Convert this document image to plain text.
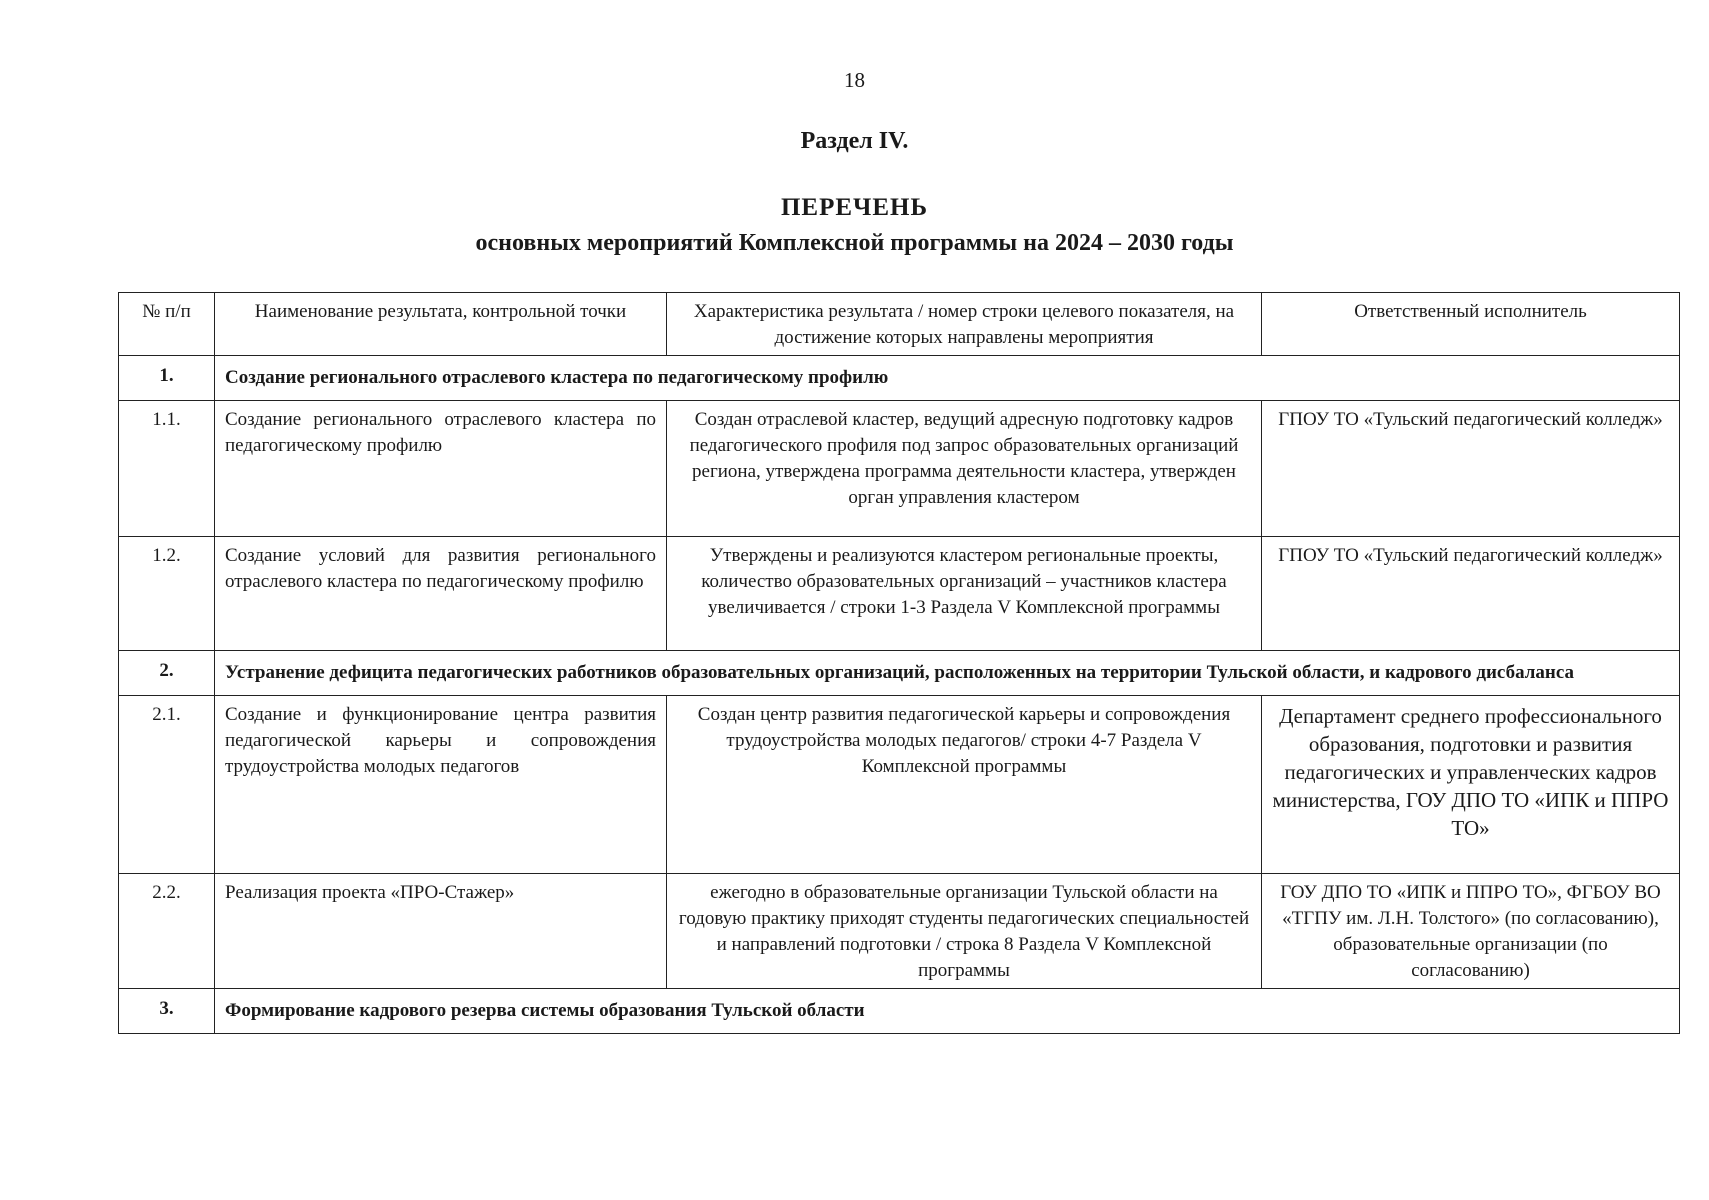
18
Раздел IV.
ПЕРЕЧЕНЬ
основных мероприятий Комплексной программы на 2024 – 2030 годы
№ п/п	Наименование результата, контрольной точки	Характеристика результата / номер строки целевого показателя, на достижение которых направлены мероприятия	Ответственный исполнитель
1.	Создание регионального отраслевого кластера по педагогическому профилю		
1.1.	Создание регионального отраслевого кластера по педагогическому профилю	Создан отраслевой кластер, ведущий адресную подготовку кадров педагогического профиля под запрос образовательных организаций региона, утверждена программа деятельности кластера, утвержден орган управления кластером	ГПОУ ТО «Тульский педагогический колледж»
1.2.	Создание условий для развития регионального отраслевого кластера по педагогическому профилю	Утверждены и реализуются кластером региональные проекты, количество образовательных организаций – участников кластера увеличивается / строки 1-3 Раздела V Комплексной программы	ГПОУ ТО «Тульский педагогический колледж»
2.	Устранение дефицита педагогических работников образовательных организаций, расположенных на территории Тульской области, и кадрового дисбаланса		
2.1.	Создание и функционирование центра развития педагогической карьеры и сопровождения трудоустройства молодых педагогов	Создан центр развития педагогической карьеры и сопровождения трудоустройства молодых педагогов/ строки 4-7 Раздела V Комплексной программы	Департамент среднего профессионального образования, подготовки и развития педагогических и управленческих кадров министерства, ГОУ ДПО ТО «ИПК и ППРО ТО»
2.2.	Реализация проекта «ПРО-Стажер»	ежегодно в образовательные организации Тульской области на годовую практику приходят студенты педагогических специальностей и направлений подготовки / строка 8 Раздела V Комплексной программы	ГОУ ДПО ТО «ИПК и ППРО ТО», ФГБОУ ВО «ТГПУ им. Л.Н. Толстого» (по согласованию), образовательные организации (по согласованию)
3.	Формирование кадрового резерва системы образования Тульской области		
